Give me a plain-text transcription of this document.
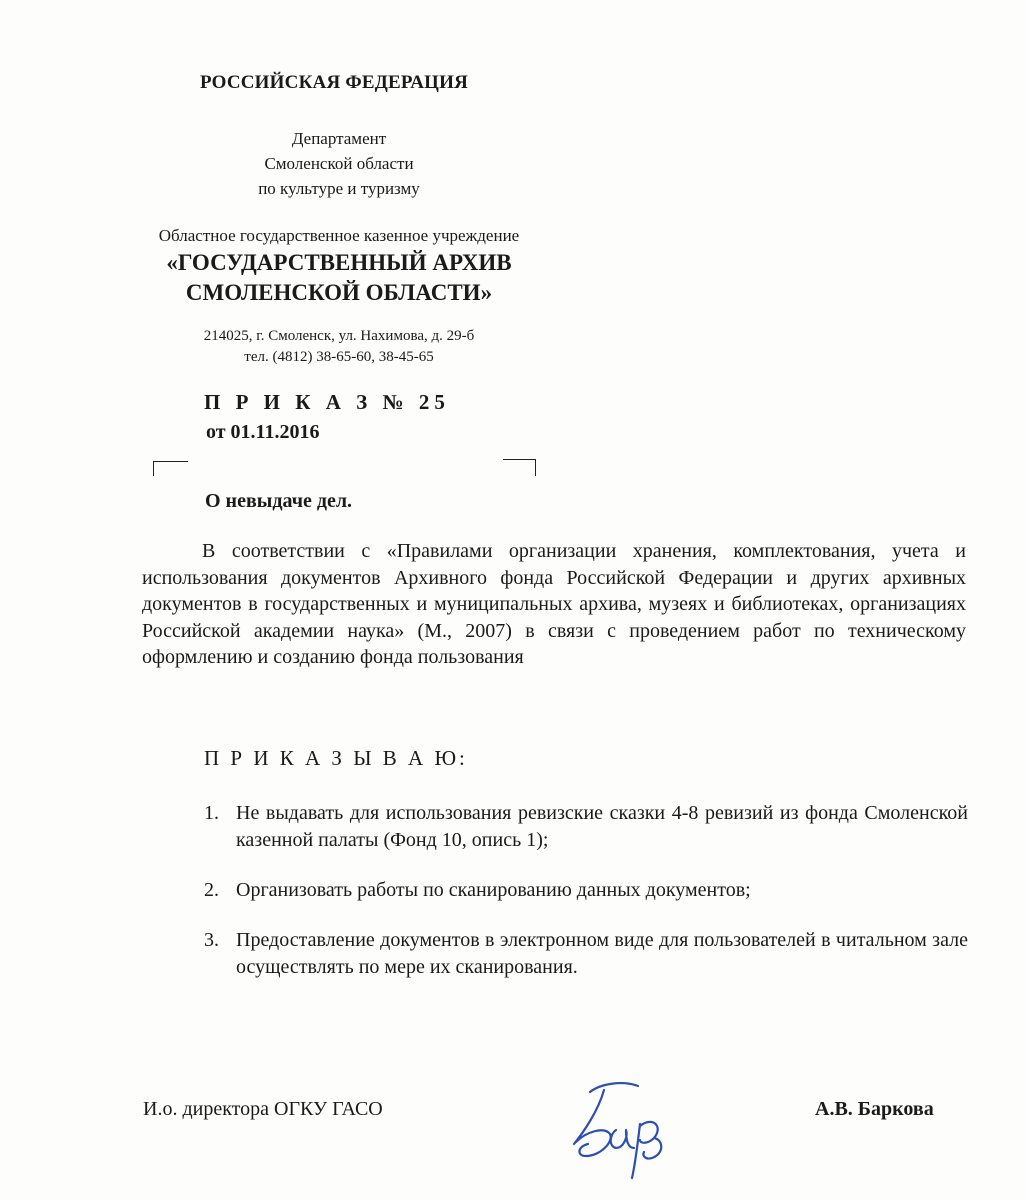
РОССИЙСКАЯ ФЕДЕРАЦИЯ
Департамент
Смоленской области
по культуре и туризму
Областное государственное казенное учреждение
«ГОСУДАРСТВЕННЫЙ АРХИВ
СМОЛЕНСКОЙ ОБЛАСТИ»
214025, г. Смоленск, ул. Нахимова, д. 29-б
тел. (4812) 38-65-60, 38-45-65
П Р И К А З № 25
от 01.11.2016
О невыдаче дел.
В соответствии с «Правилами организации хранения, комплектования, учета и использования документов Архивного фонда Российской Федерации и других архивных документов в государственных и муниципальных архива, музеях и библиотеках, организациях Российской академии наука» (М., 2007) в связи с проведением работ по техническому оформлению и созданию фонда пользования
П Р И К А З Ы В А Ю:
1. Не выдавать для использования ревизские сказки 4-8 ревизий из фонда Смоленской казенной палаты (Фонд 10, опись 1);
2. Организовать работы по сканированию данных документов;
3. Предоставление документов в электронном виде для пользователей в читальном зале осуществлять по мере их сканирования.
И.о. директора ОГКУ ГАСО	А.В. Баркова
